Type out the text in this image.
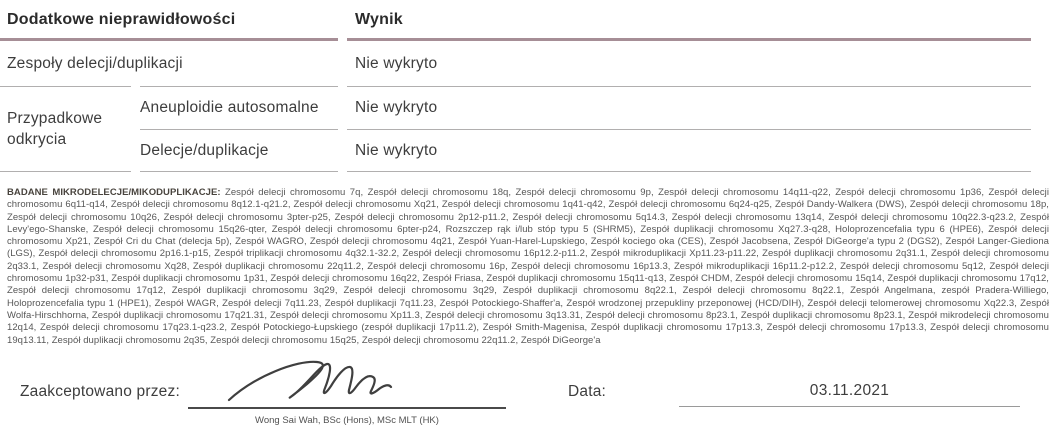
Dodatkowe nieprawidłowości		Wynik
Zespoły delecji/duplikacji		Nie wykryto
Przypadkowe odkrycia	Aneuploidie autosomalne	Nie wykryto
	Delecje/duplikacje	Nie wykryto

BADANE MIKRODELECJE/MIKODUPLIKACJE: Zespół delecji chromosomu 7q, Zespół delecji chromosomu 18q, Zespół delecji chromosomu 9p, Zespół delecji chromosomu 14q11-q22, Zespół delecji chromosomu 1p36, Zespół delecji chromosomu 6q11-q14, Zespół delecji chromosomu 8q12.1-q21.2, Zespół delecji chromosomu Xq21, Zespół delecji chromosomu 1q41-q42, Zespół delecji chromosomu 6q24-q25, Zespół Dandy-Walkera (DWS), Zespół delecji chromosomu 18p, Zespół delecji chromosomu 10q26, Zespół delecji chromosomu 3pter-p25, Zespół delecji chromosomu 2p12-p11.2, Zespół delecji chromosomu 5q14.3, Zespół delecji chromosomu 13q14, Zespół delecji chromosomu 10q22.3-q23.2, Zespół Levy'ego-Shanske, Zespół delecji chromosomu 15q26-qter, Zespół delecji chromosomu 6pter-p24, Rozszczep rąk i/lub stóp typu 5 (SHRM5), Zespół duplikacji chromosomu Xq27.3-q28, Holoprozencefalia typu 6 (HPE6), Zespół delecji chromosomu Xp21, Zespół Cri du Chat (delecja 5p), Zespół WAGRO, Zespół delecji chromosomu 4q21, Zespół Yuan-Harel-Lupskiego, Zespół kociego oka (CES), Zespół Jacobsena, Zespół DiGeorge'a typu 2 (DGS2), Zespół Langer-Giediona (LGS), Zespół delecji chromosomu 2p16.1-p15, Zespół triplikacji chromosomu 4q32.1-32.2, Zespół delecji chromosomu 16p12.2-p11.2, Zespół mikroduplikacji Xp11.23-p11.22, Zespół duplikacji chromosomu 2q31.1, Zespół delecji chromosomu 2q33.1, Zespół delecji chromosomu Xq28, Zespół duplikacji chromosomu 22q11.2, Zespół delecji chromosomu 16p, Zespół delecji chromosomu 16p13.3, Zespół mikroduplikacji 16p11.2-p12.2, Zespół delecji chromosomu 5q12, Zespół delecji chromosomu 1p32-p31, Zespół duplikacji chromosomu 1p31, Zespół delecji chromosomu 16q22, Zespół Friasa, Zespół duplikacji chromosomu 15q11-q13, Zespół CHDM, Zespół delecji chromosomu 15q14, Zespół duplikacji chromosomu 17q12, Zespół delecji chromosomu 17q12, Zespół duplikacji chromosomu 3q29, Zespół delecji chromosomu 3q29, Zespół duplikacji chromosomu 8q22.1, Zespół delecji chromosomu 8q22.1, Zespół Angelmana, zespół Pradera-Williego, Holoprozencefalia typu 1 (HPE1), Zespół WAGR, Zespół delecji 7q11.23, Zespół duplikacji 7q11.23, Zespół Potockiego-Shaffer'a, Zespół wrodzonej przepukliny przeponowej (HCD/DIH), Zespół delecji telomerowej chromosomu Xq22.3, Zespół Wolfa-Hirschhorna, Zespół duplikacji chromosomu 17q21.31, Zespół delecji chromosomu Xp11.3, Zespół delecji chromosomu 3q13.31, Zespół delecji chromosomu 8p23.1, Zespół duplikacji chromosomu 8p23.1, Zespół mikrodelecji chromosomu 12q14, Zespół delecji chromosomu 17q23.1-q23.2, Zespół Potockiego-Łupskiego (zespół duplikacji 17p11.2), Zespół Smith-Magenisa, Zespół duplikacji chromosomu 17p13.3, Zespół delecji chromosomu 17p13.3, Zespół delecji chromosomu 19q13.11, Zespół duplikacji chromosomu 2q35, Zespół delecji chromosomu 15q25, Zespół delecji chromosomu 22q11.2, Zespół DiGeorge'a

Zaakceptowano przez:
Wong Sai Wah, BSc (Hons), MSc MLT (HK)
Data:	03.11.2021
